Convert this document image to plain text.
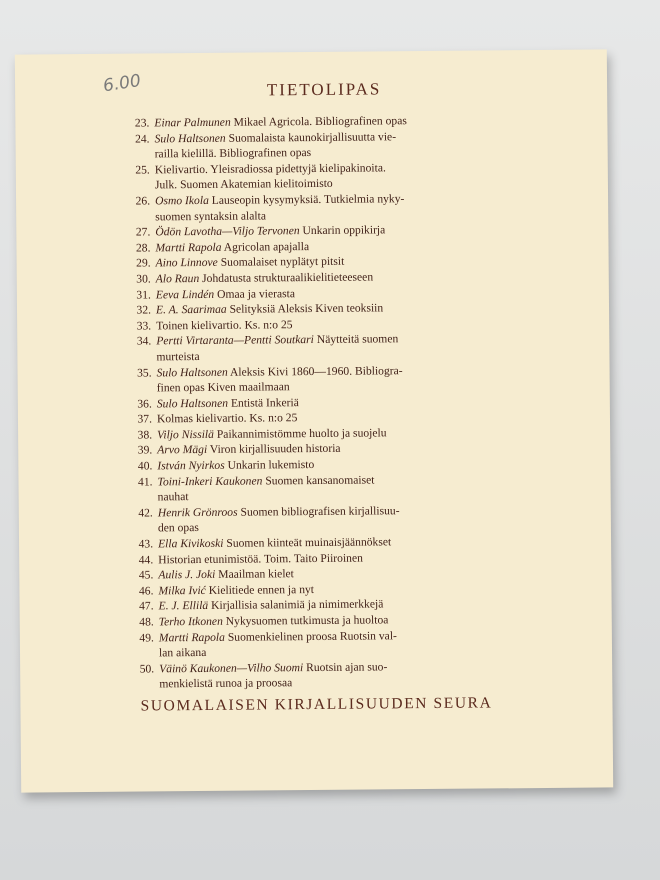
6.00	TIETOLIPAS
23. Einar Palmunen Mikael Agricola. Bibliografinen opas
24. Sulo Haltsonen Suomalaista kaunokirjallisuutta vie-
railla kielillä. Bibliografinen opas
25. Kielivartio. Yleisradiossa pidettyjä kielipakinoita.
Julk. Suomen Akatemian kielitoimisto
26. Osmo Ikola Lauseopin kysymyksiä. Tutkielmia nyky-
suomen syntaksin alalta
27. Ödön Lavotha—Viljo Tervonen Unkarin oppikirja
28. Martti Rapola Agricolan apajalla
29. Aino Linnove Suomalaiset nyplätyt pitsit
30. Alo Raun Johdatusta strukturaalikielitieteeseen
31. Eeva Lindén Omaa ja vierasta
32. E. A. Saarimaa Selityksiä Aleksis Kiven teoksiin
33. Toinen kielivartio. Ks. n:o 25
34. Pertti Virtaranta—Pentti Soutkari Näytteitä suomen
murteista
35. Sulo Haltsonen Aleksis Kivi 1860—1960. Bibliogra-
finen opas Kiven maailmaan
36. Sulo Haltsonen Entistä Inkeriä
37. Kolmas kielivartio. Ks. n:o 25
38. Viljo Nissilä Paikannimistömme huolto ja suojelu
39. Arvo Mägi Viron kirjallisuuden historia
40. István Nyirkos Unkarin lukemisto
41. Toini-Inkeri Kaukonen Suomen kansanomaiset
nauhat
42. Henrik Grönroos Suomen bibliografisen kirjallisuu-
den opas
43. Ella Kivikoski Suomen kiinteät muinaisjäännökset
44. Historian etunimistöä. Toim. Taito Piiroinen
45. Aulis J. Joki Maailman kielet
46. Milka Ivić Kielitiede ennen ja nyt
47. E. J. Ellilä Kirjallisia salanimiä ja nimimerkkejä
48. Terho Itkonen Nykysuomen tutkimusta ja huoltoa
49. Martti Rapola Suomenkielinen proosa Ruotsin val-
lan aikana
50. Väinö Kaukonen—Vilho Suomi Ruotsin ajan suo-
menkielistä runoa ja proosaa
SUOMALAISEN KIRJALLISUUDEN SEURA
